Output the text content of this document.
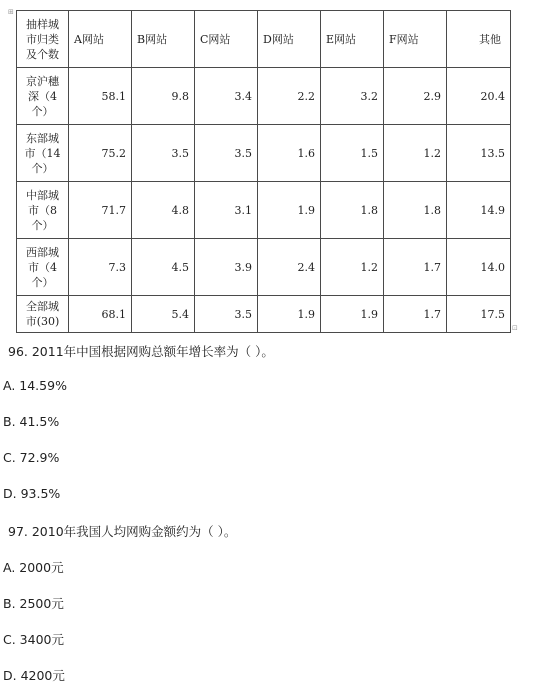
⊞
抽样城市归类及个数	A网站	B网站	C网站	D网站	E网站	F网站	其他
京沪穗深（4个）	58.1	9.8	3.4	2.2	3.2	2.9	20.4
东部城市（14个）	75.2	3.5	3.5	1.6	1.5	1.2	13.5
中部城市（8个）	71.7	4.8	3.1	1.9	1.8	1.8	14.9
西部城市（4个）	7.3	4.5	3.9	2.4	1.2	1.7	14.0
全部城市(30)	68.1	5.4	3.5	1.9	1.9	1.7	17.5
⊡
96. 2011年中国根据网购总额年增长率为（ ）。
A. 14.59%
B. 41.5%
C. 72.9%
D. 93.5%
97. 2010年我国人均网购金额约为（ ）。
A. 2000元
B. 2500元
C. 3400元
D. 4200元
